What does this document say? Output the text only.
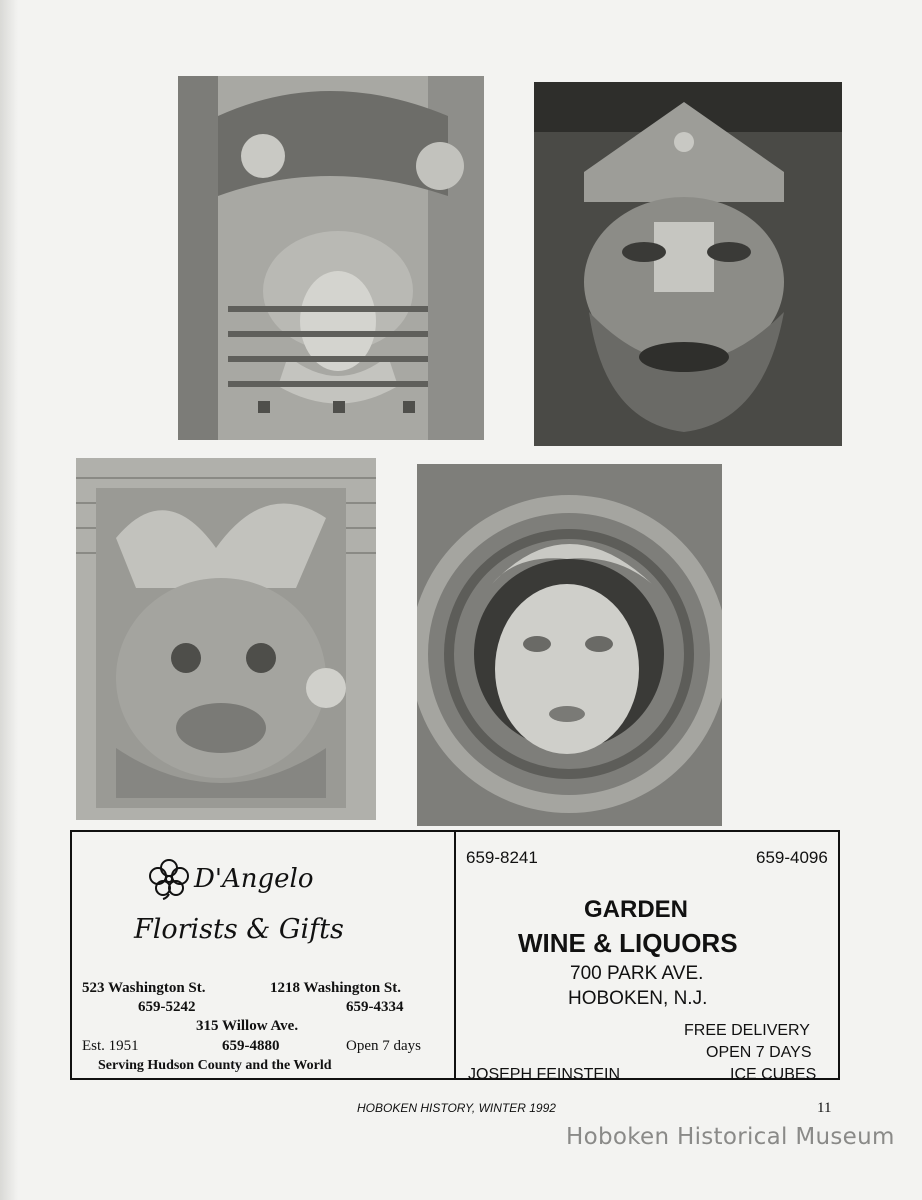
D'Angelo
Florists & Gifts
523 Washington St.
659-5242
1218 Washington St.
659-4334
315 Willow Ave.
659-4880
Est. 1951	Open 7 days
Serving Hudson County and the World
659-8241	659-4096
GARDEN
WINE & LIQUORS
700 PARK AVE.
HOBOKEN, N.J.
FREE DELIVERY
OPEN 7 DAYS
ICE CUBES
JOSEPH FEINSTEIN
HOBOKEN HISTORY, WINTER 1992	11
Hoboken Historical Museum
